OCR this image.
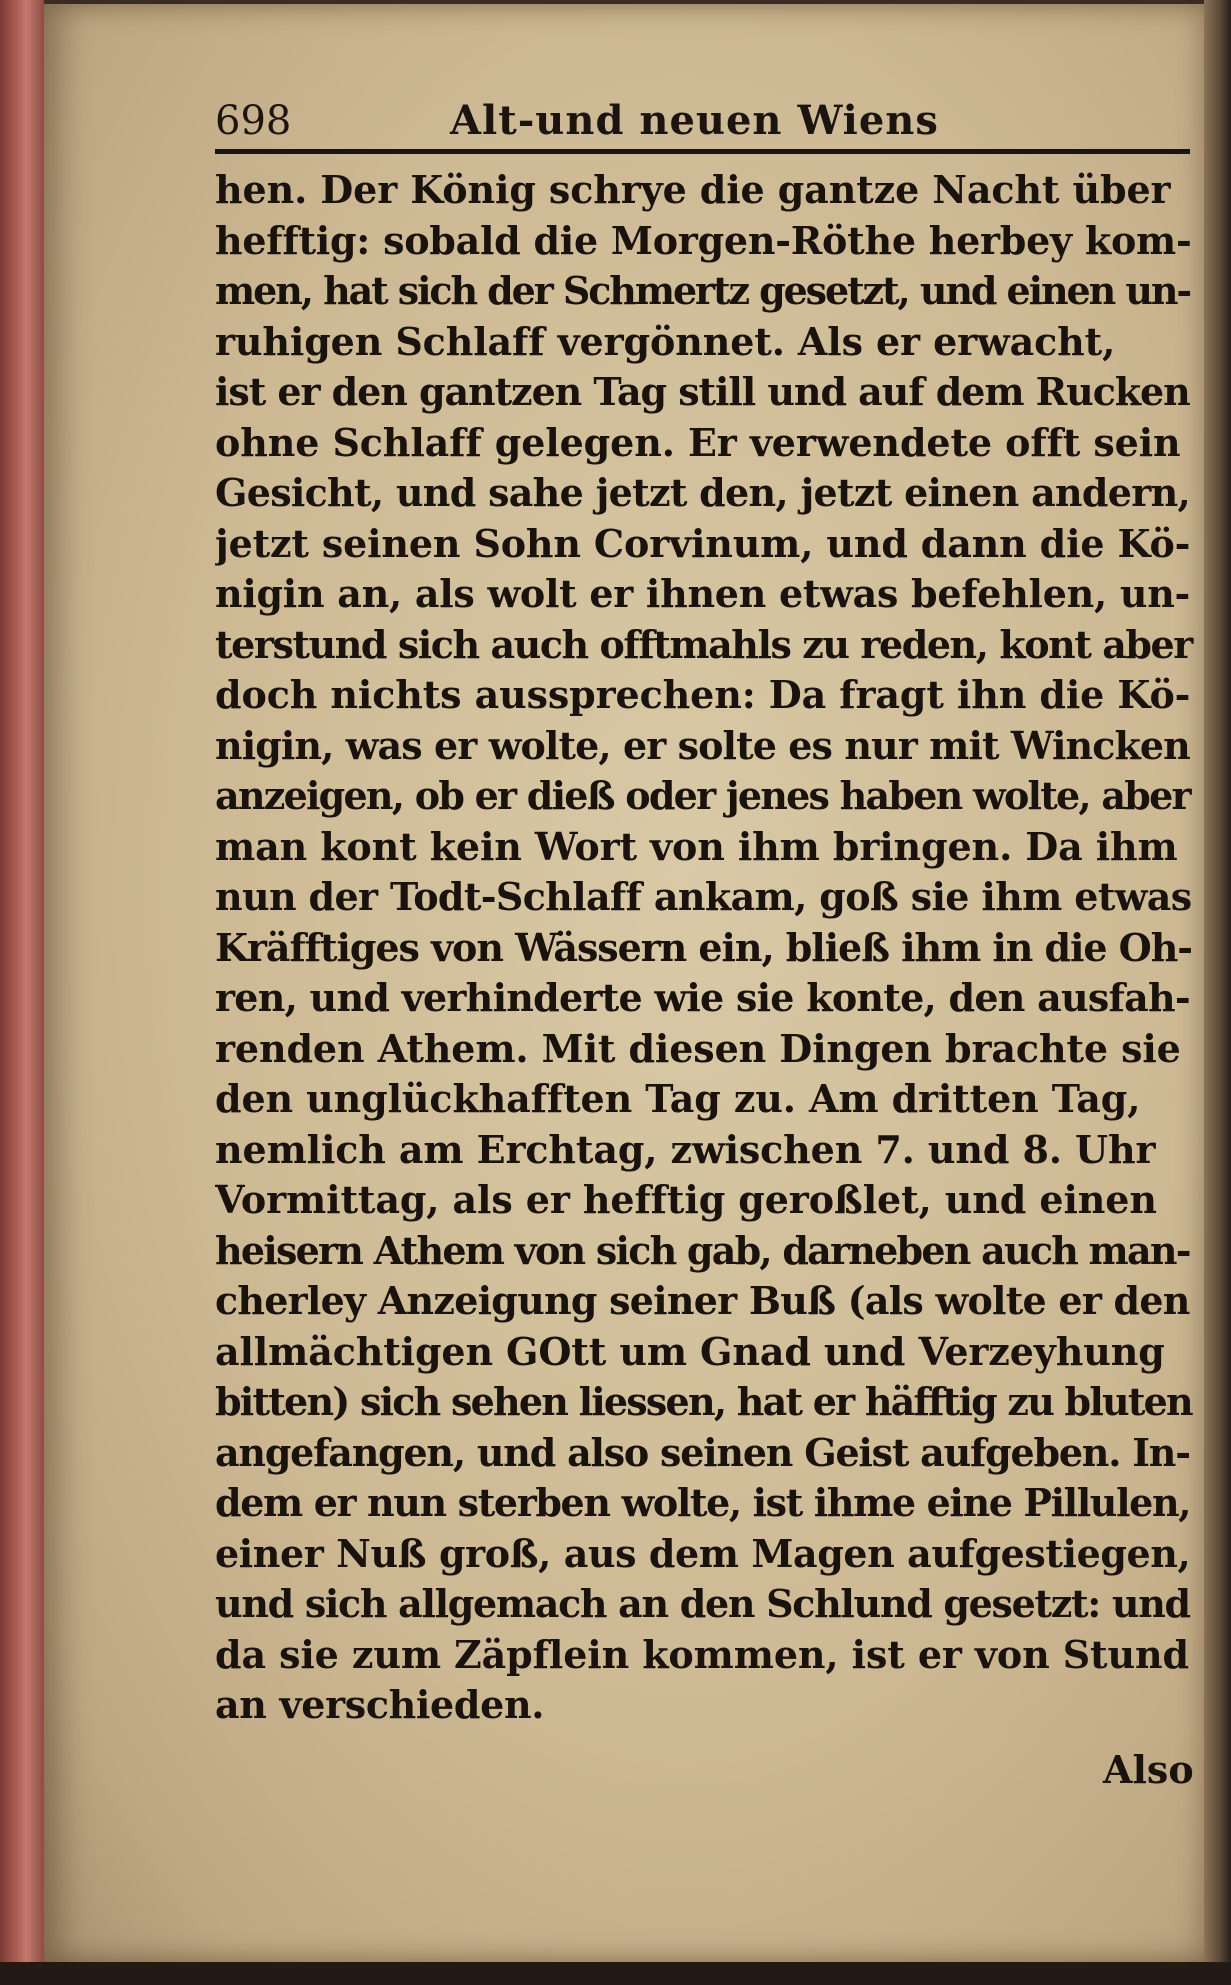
698	Alt‑und neuen Wiens
hen. Der König schrye die gantze Nacht über
hefftig: sobald die Morgen‑Röthe herbey kom‑
men, hat sich der Schmertz gesetzt, und einen un‑
ruhigen Schlaff vergönnet. Als er erwacht,
ist er den gantzen Tag still und auf dem Rucken
ohne Schlaff gelegen. Er verwendete offt sein
Gesicht, und sahe jetzt den, jetzt einen andern,
jetzt seinen Sohn Corvinum, und dann die Kö‑
nigin an, als wolt er ihnen etwas befehlen, un‑
terstund sich auch offtmahls zu reden, kont aber
doch nichts aussprechen: Da fragt ihn die Kö‑
nigin, was er wolte, er solte es nur mit Wincken
anzeigen, ob er dieß oder jenes haben wolte, aber
man kont kein Wort von ihm bringen. Da ihm
nun der Todt‑Schlaff ankam, goß sie ihm etwas
Kräfftiges von Wässern ein, bließ ihm in die Oh‑
ren, und verhinderte wie sie konte, den ausfah‑
renden Athem. Mit diesen Dingen brachte sie
den unglückhafften Tag zu. Am dritten Tag,
nemlich am Erchtag, zwischen 7. und 8. Uhr
Vormittag, als er hefftig geroßlet, und einen
heisern Athem von sich gab, darneben auch man‑
cherley Anzeigung seiner Buß (als wolte er den
allmächtigen GOtt um Gnad und Verzeyhung
bitten) sich sehen liessen, hat er häfftig zu bluten
angefangen, und also seinen Geist aufgeben. In‑
dem er nun sterben wolte, ist ihme eine Pillulen,
einer Nuß groß, aus dem Magen aufgestiegen,
und sich allgemach an den Schlund gesetzt: und
da sie zum Zäpflein kommen, ist er von Stund
an verschieden.
Also
